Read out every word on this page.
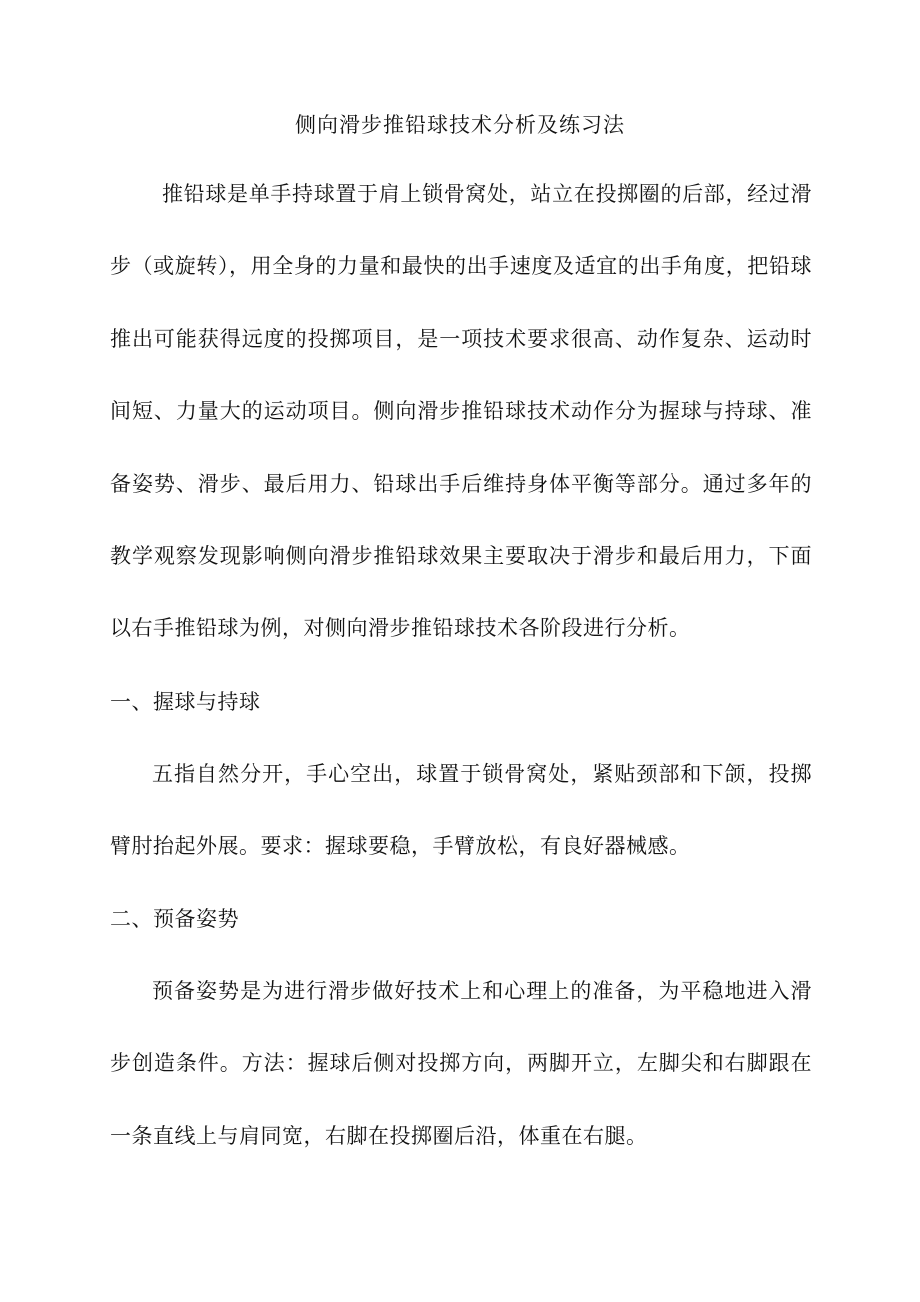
侧向滑步推铅球技术分析及练习法

推铅球是单手持球置于肩上锁骨窝处，站立在投掷圈的后部，经过滑步（或旋转），用全身的力量和最快的出手速度及适宜的出手角度，把铅球推出可能获得远度的投掷项目，是一项技术要求很高、动作复杂、运动时间短、力量大的运动项目。侧向滑步推铅球技术动作分为握球与持球、准备姿势、滑步、最后用力、铅球出手后维持身体平衡等部分。通过多年的教学观察发现影响侧向滑步推铅球效果主要取决于滑步和最后用力，下面以右手推铅球为例，对侧向滑步推铅球技术各阶段进行分析。

一、握球与持球

五指自然分开，手心空出，球置于锁骨窝处，紧贴颈部和下颌，投掷臂肘抬起外展。要求：握球要稳，手臂放松，有良好器械感。

二、预备姿势

预备姿势是为进行滑步做好技术上和心理上的准备，为平稳地进入滑步创造条件。方法：握球后侧对投掷方向，两脚开立，左脚尖和右脚跟在一条直线上与肩同宽，右脚在投掷圈后沿，体重在右腿。
